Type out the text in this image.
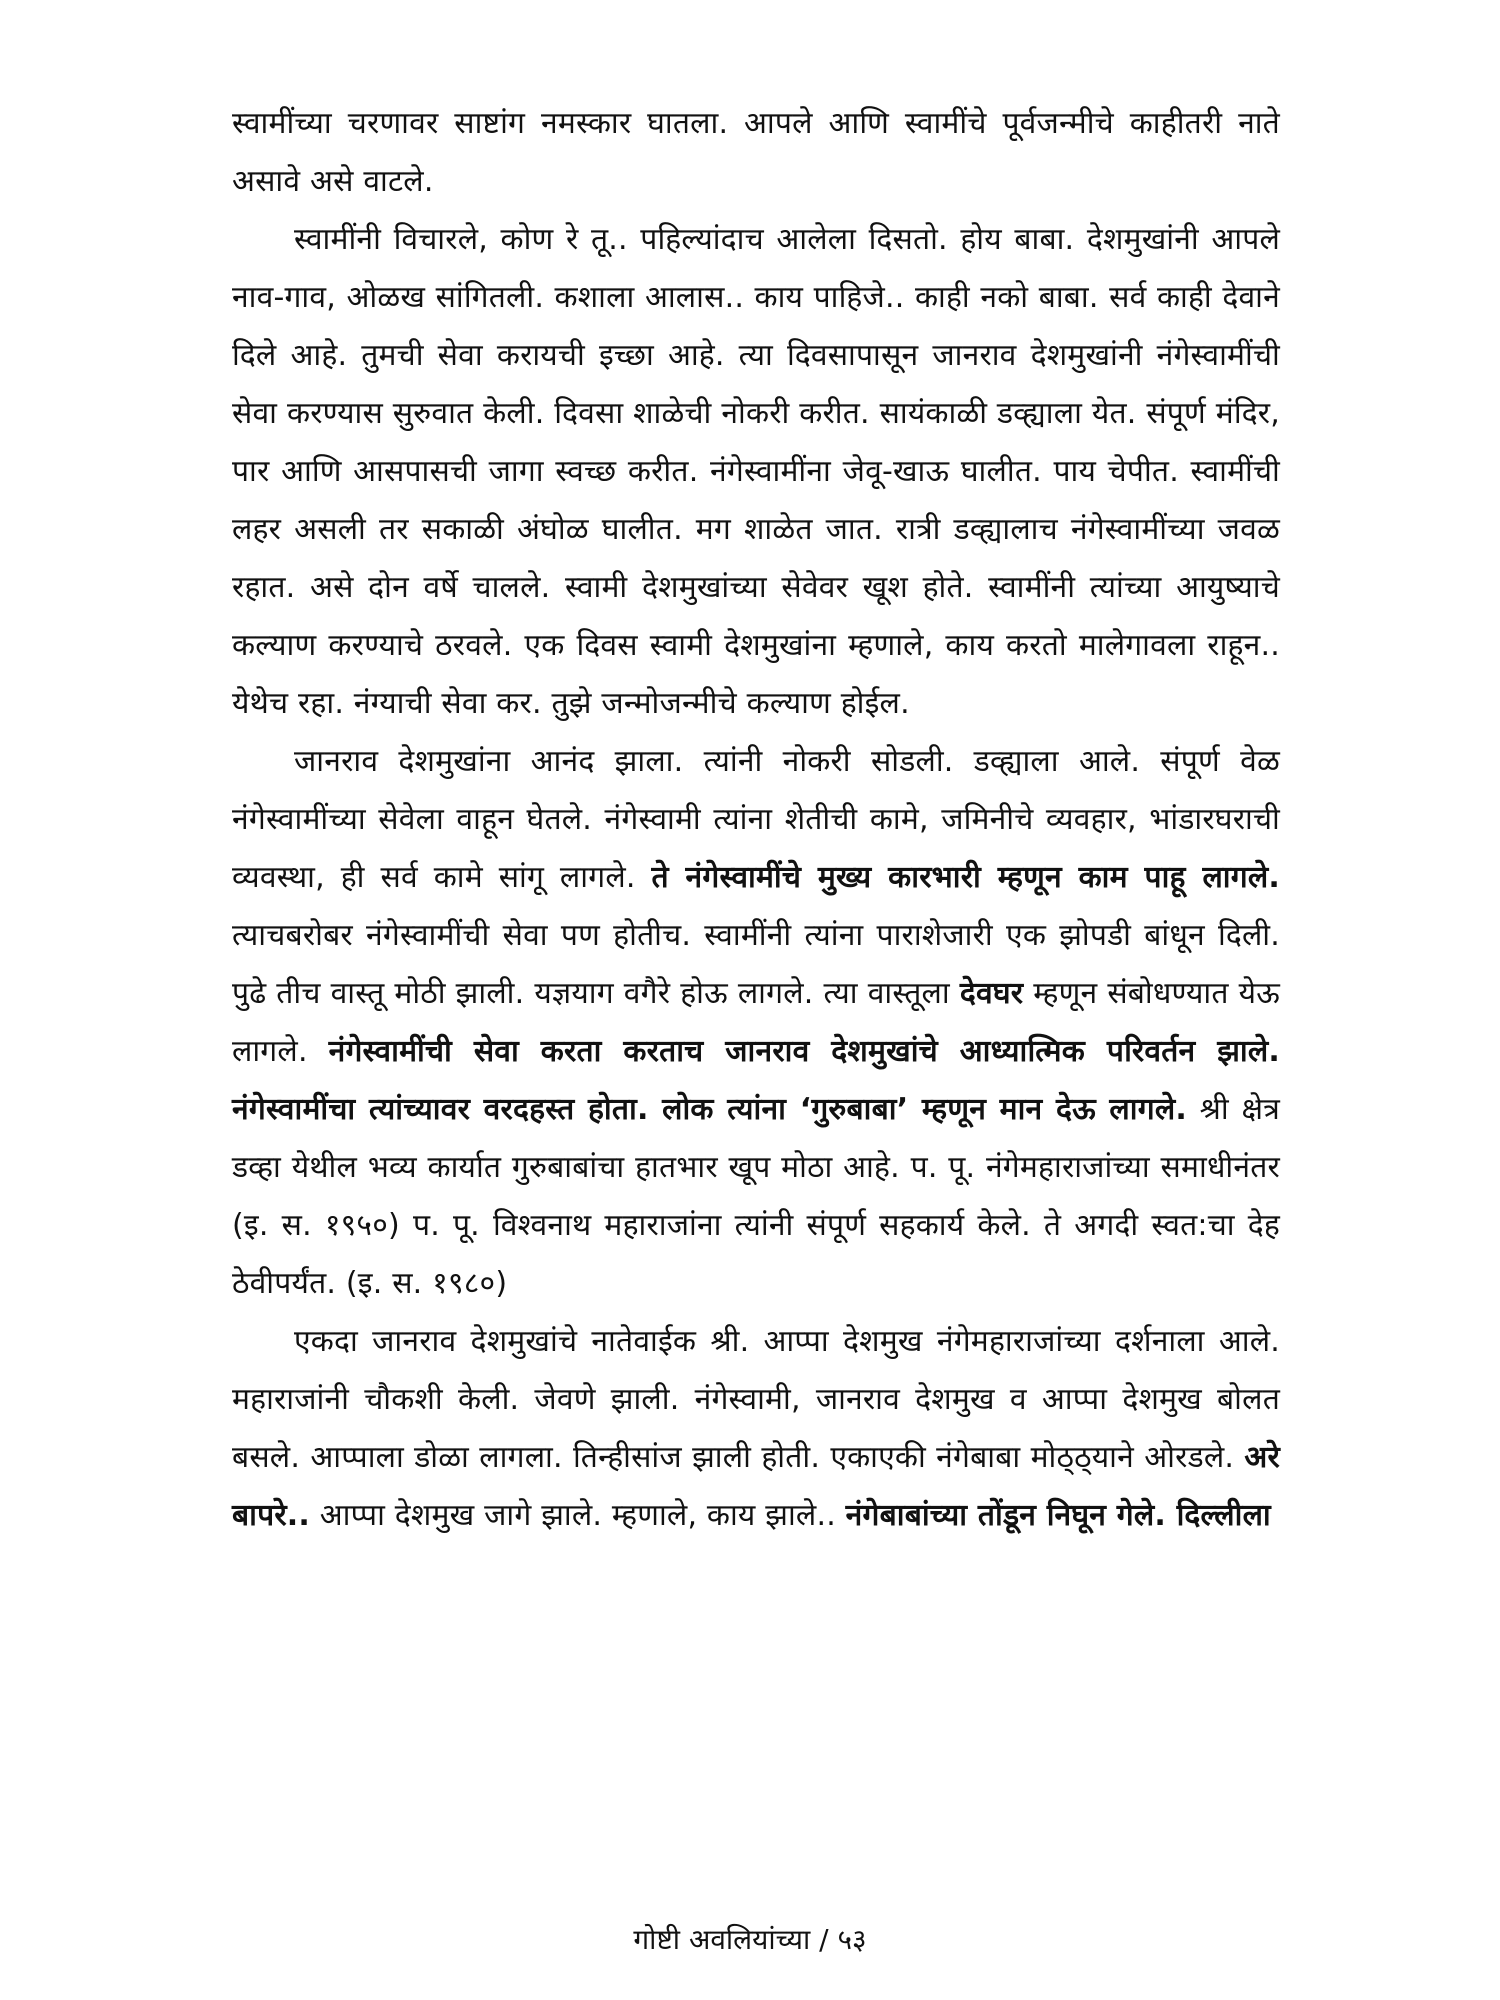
स्वामींच्या चरणावर साष्टांग नमस्कार घातला. आपले आणि स्वामींचे पूर्वजन्मीचे काहीतरी नाते असावे असे वाटले.

स्वामींनी विचारले, कोण रे तू.. पहिल्यांदाच आलेला दिसतो. होय बाबा. देशमुखांनी आपले नाव-गाव, ओळख सांगितली. कशाला आलास.. काय पाहिजे.. काही नको बाबा. सर्व काही देवाने दिले आहे. तुमची सेवा करायची इच्छा आहे. त्या दिवसापासून जानराव देशमुखांनी नंगेस्वामींची सेवा करण्यास सुरुवात केली. दिवसा शाळेची नोकरी करीत. सायंकाळी डव्ह्याला येत. संपूर्ण मंदिर, पार आणि आसपासची जागा स्वच्छ करीत. नंगेस्वामींना जेवू-खाऊ घालीत. पाय चेपीत. स्वामींची लहर असली तर सकाळी अंघोळ घालीत. मग शाळेत जात. रात्री डव्ह्यालाच नंगेस्वामींच्या जवळ रहात. असे दोन वर्षे चालले. स्वामी देशमुखांच्या सेवेवर खूश होते. स्वामींनी त्यांच्या आयुष्याचे कल्याण करण्याचे ठरवले. एक दिवस स्वामी देशमुखांना म्हणाले, काय करतो मालेगावला राहून.. येथेच रहा. नंग्याची सेवा कर. तुझे जन्मोजन्मीचे कल्याण होईल.

जानराव देशमुखांना आनंद झाला. त्यांनी नोकरी सोडली. डव्ह्याला आले. संपूर्ण वेळ नंगेस्वामींच्या सेवेला वाहून घेतले. नंगेस्वामी त्यांना शेतीची कामे, जमिनीचे व्यवहार, भांडारघराची व्यवस्था, ही सर्व कामे सांगू लागले. ते नंगेस्वामींचे मुख्य कारभारी म्हणून काम पाहू लागले. त्याचबरोबर नंगेस्वामींची सेवा पण होतीच. स्वामींनी त्यांना पाराशेजारी एक झोपडी बांधून दिली. पुढे तीच वास्तू मोठी झाली. यज्ञयाग वगैरे होऊ लागले. त्या वास्तूला देवघर म्हणून संबोधण्यात येऊ लागले. नंगेस्वामींची सेवा करता करताच जानराव देशमुखांचे आध्यात्मिक परिवर्तन झाले. नंगेस्वामींचा त्यांच्यावर वरदहस्त होता. लोक त्यांना ‘गुरुबाबा’ म्हणून मान देऊ लागले. श्री क्षेत्र डव्हा येथील भव्य कार्यात गुरुबाबांचा हातभार खूप मोठा आहे. प. पू. नंगेमहाराजांच्या समाधीनंतर (इ. स. १९५०) प. पू. विश्वनाथ महाराजांना त्यांनी संपूर्ण सहकार्य केले. ते अगदी स्वत:चा देह ठेवीपर्यंत. (इ. स. १९८०)

एकदा जानराव देशमुखांचे नातेवाईक श्री. आप्पा देशमुख नंगेमहाराजांच्या दर्शनाला आले. महाराजांनी चौकशी केली. जेवणे झाली. नंगेस्वामी, जानराव देशमुख व आप्पा देशमुख बोलत बसले. आप्पाला डोळा लागला. तिन्हीसांज झाली होती. एकाएकी नंगेबाबा मोठ्ठ्याने ओरडले. अरे बापरे.. आप्पा देशमुख जागे झाले. म्हणाले, काय झाले.. नंगेबाबांच्या तोंडून निघून गेले. दिल्लीला

गोष्टी अवलियांच्या / ५३
